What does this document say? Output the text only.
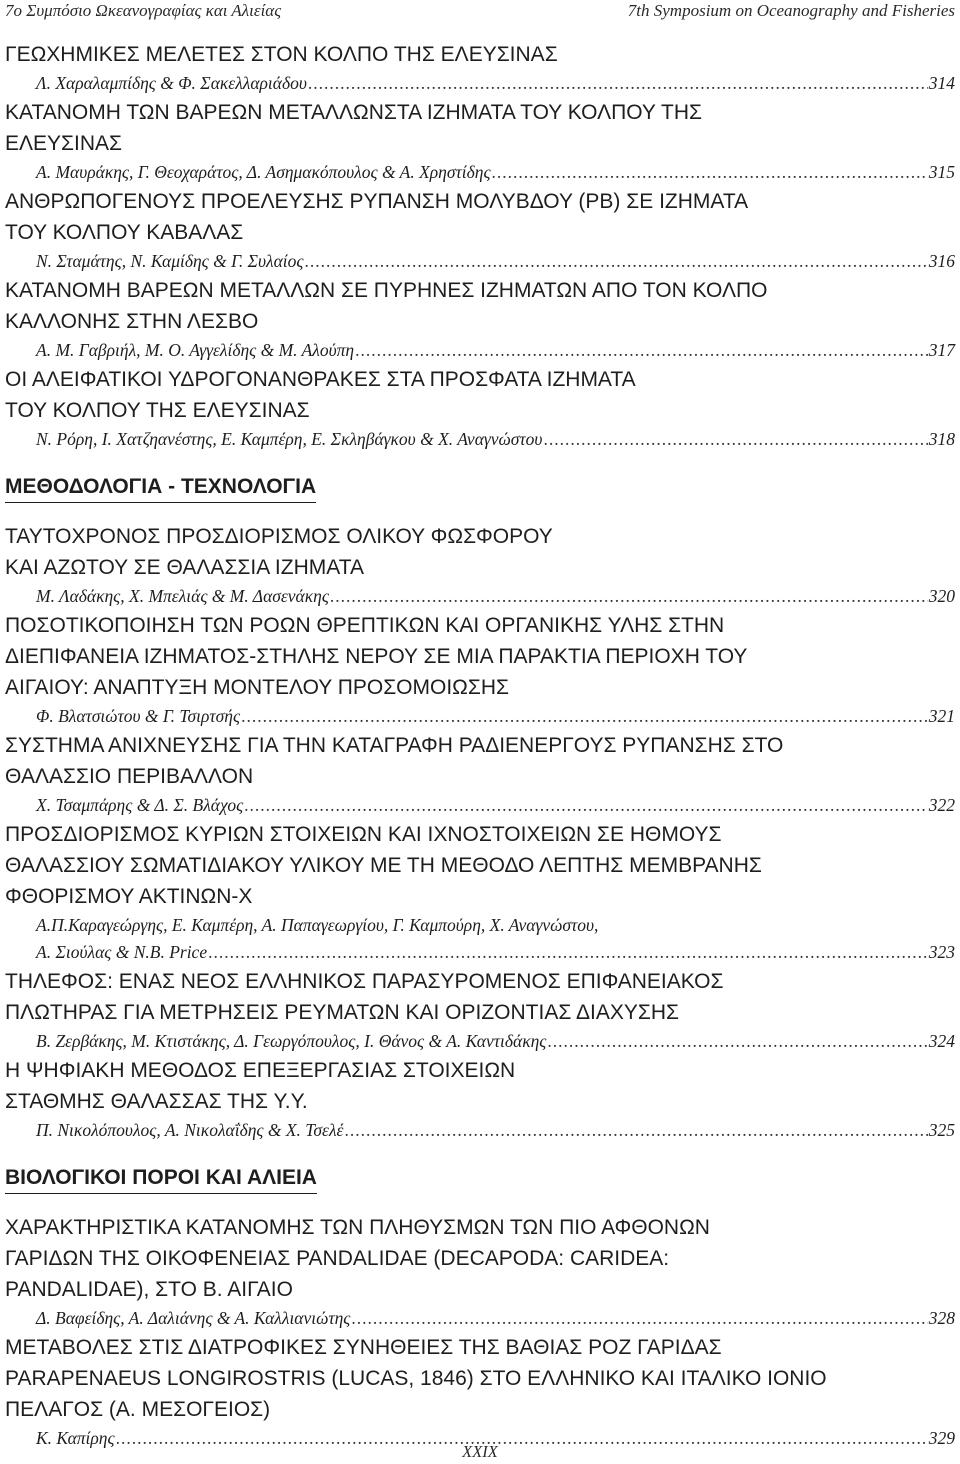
7o Συμπόσιο Ωκεανογραφίας και Αλιείας	7th Symposium on Oceanography and Fisheries
ΓΕΩΧΗΜΙΚΕΣ ΜΕΛΕΤΕΣ ΣΤΟΝ ΚΟΛΠΟ ΤΗΣ ΕΛΕΥΣΙΝΑΣ
Λ. Χαραλαμπίδης & Φ. Σακελλαριάδου .....	314
ΚΑΤΑΝΟΜΗ ΤΩΝ ΒΑΡΕΩΝ ΜΕΤΑΛΛΩΝΣΤΑ ΙΖΗΜΑΤΑ ΤΟΥ ΚΟΛΠΟΥ ΤΗΣ
ΕΛΕΥΣΙΝΑΣ
Α. Μαυράκης, Γ. Θεοχαράτος, Δ. Ασημακόπουλος & Α. Χρηστίδης .....	315
ΑΝΘΡΩΠΟΓΕΝΟΥΣ ΠΡΟΕΛΕΥΣΗΣ ΡΥΠΑΝΣΗ ΜΟΛΥΒΔΟΥ (PB) ΣΕ ΙΖΗΜΑΤΑ
ΤΟΥ ΚΟΛΠΟΥ ΚΑΒΑΛΑΣ
Ν. Σταμάτης, Ν. Καμίδης & Γ. Συλαίος .....	316
ΚΑΤΑΝΟΜΗ ΒΑΡΕΩΝ ΜΕΤΑΛΛΩΝ ΣΕ ΠΥΡΗΝΕΣ ΙΖΗΜΑΤΩΝ ΑΠΟ ΤΟΝ ΚΟΛΠΟ
ΚΑΛΛΟΝΗΣ ΣΤΗΝ ΛΕΣΒΟ
Α. Μ. Γαβριήλ, Μ. Ο. Αγγελίδης & Μ. Αλούπη .....	317
ΟΙ ΑΛΕΙΦΑΤΙΚΟΙ ΥΔΡΟΓΟΝΑΝΘΡΑΚΕΣ ΣΤΑ ΠΡΟΣΦΑΤΑ ΙΖΗΜΑΤΑ
ΤΟΥ ΚΟΛΠΟΥ ΤΗΣ ΕΛΕΥΣΙΝΑΣ
Ν. Ρόρη, Ι. Χατζηανέστης, Ε. Καμπέρη, Ε. Σκληβάγκου & Χ. Αναγνώστου .....	318
ΜΕΘΟΔΟΛΟΓΙΑ - ΤΕΧΝΟΛΟΓΙΑ
ΤΑΥΤΟΧΡΟΝΟΣ ΠΡΟΣΔΙΟΡΙΣΜΟΣ ΟΛΙΚΟΥ ΦΩΣΦΟΡΟΥ
ΚΑΙ ΑΖΩΤΟΥ ΣΕ ΘΑΛΑΣΣΙΑ ΙΖΗΜΑΤΑ
Μ. Λαδάκης, Χ. Μπελιάς & Μ. Δασενάκης .....	320
ΠΟΣΟΤΙΚΟΠΟΙΗΣΗ ΤΩΝ ΡΟΩΝ ΘΡΕΠΤΙΚΩΝ ΚΑΙ ΟΡΓΑΝΙΚΗΣ ΥΛΗΣ ΣΤΗΝ
ΔΙΕΠΙΦΑΝΕΙΑ ΙΖΗΜΑΤΟΣ-ΣΤΗΛΗΣ ΝΕΡΟΥ ΣΕ ΜΙΑ ΠΑΡΑΚΤΙΑ ΠΕΡΙΟΧΗ ΤΟΥ
ΑΙΓΑΙΟΥ: ΑΝΑΠΤΥΞΗ ΜΟΝΤΕΛΟΥ ΠΡΟΣΟΜΟΙΩΣΗΣ
Φ. Βλατσιώτου & Γ. Τσιρτσής .....	321
ΣΥΣΤΗΜΑ ΑΝΙΧΝΕΥΣΗΣ ΓΙΑ ΤΗΝ ΚΑΤΑΓΡΑΦΗ ΡΑΔΙΕΝΕΡΓΟΥΣ ΡΥΠΑΝΣΗΣ ΣΤΟ
ΘΑΛΑΣΣΙΟ ΠΕΡΙΒΑΛΛΟΝ
Χ. Τσαμπάρης & Δ. Σ. Βλάχος .....	322
ΠΡΟΣΔΙΟΡΙΣΜΟΣ ΚΥΡΙΩΝ ΣΤΟΙΧΕΙΩΝ ΚΑΙ ΙΧΝΟΣΤΟΙΧΕΙΩΝ ΣΕ ΗΘΜΟΥΣ
ΘΑΛΑΣΣΙΟΥ ΣΩΜΑΤΙΔΙΑΚΟΥ ΥΛΙΚΟΥ ΜΕ ΤΗ ΜΕΘΟΔΟ ΛΕΠΤΗΣ ΜΕΜΒΡΑΝΗΣ
ΦΘΟΡΙΣΜΟΥ ΑΚΤΙΝΩΝ-Χ
Α.Π.Καραγεώργης, Ε. Καμπέρη, Α. Παπαγεωργίου, Γ. Καμπούρη, Χ. Αναγνώστου,
Α. Σιούλας & N.B. Price .....	323
ΤΗΛΕΦΟΣ: ΕΝΑΣ ΝΕΟΣ ΕΛΛΗΝΙΚΟΣ ΠΑΡΑΣΥΡΟΜΕΝΟΣ ΕΠΙΦΑΝΕΙΑΚΟΣ
ΠΛΩΤΗΡΑΣ ΓΙΑ ΜΕΤΡΗΣΕΙΣ ΡΕΥΜΑΤΩΝ ΚΑΙ ΟΡΙΖΟΝΤΙΑΣ ΔΙΑΧΥΣΗΣ
Β. Ζερβάκης, Μ. Κτιστάκης, Δ. Γεωργόπουλος, Ι. Θάνος & Α. Καντιδάκης .....	324
Η ΨΗΦΙΑΚΗ ΜΕΘΟΔΟΣ ΕΠΕΞΕΡΓΑΣΙΑΣ ΣΤΟΙΧΕΙΩΝ
ΣΤΑΘΜΗΣ ΘΑΛΑΣΣΑΣ ΤΗΣ Υ.Υ.
Π. Νικολόπουλος, Α. Νικολαΐδης & Χ. Τσελέ .....	325
ΒΙΟΛΟΓΙΚΟΙ ΠΟΡΟΙ ΚΑΙ ΑΛΙΕΙΑ
ΧΑΡΑΚΤΗΡΙΣΤΙΚΑ ΚΑΤΑΝΟΜΗΣ ΤΩΝ ΠΛΗΘΥΣΜΩΝ ΤΩΝ ΠΙΟ ΑΦΘΟΝΩΝ
ΓΑΡΙΔΩΝ ΤΗΣ ΟΙΚΟΦΕΝΕΙΑΣ PANDALIDAE (DECAPODA: CARIDEA:
PANDALIDAE), ΣΤΟ Β. ΑΙΓΑΙΟ
Δ. Βαφείδης, Α. Δαλιάνης & Α. Καλλιανιώτης .....	328
ΜΕΤΑΒΟΛΕΣ ΣΤΙΣ ΔΙΑΤΡΟΦΙΚΕΣ ΣΥΝΗΘΕΙΕΣ ΤΗΣ ΒΑΘΙΑΣ ΡΟΖ ΓΑΡΙΔΑΣ
PARAPENAEUS LONGIROSTRIS (LUCAS, 1846) ΣΤΟ ΕΛΛΗΝΙΚΟ ΚΑΙ ΙΤΑΛΙΚΟ ΙΟΝΙΟ
ΠΕΛΑΓΟΣ (Α. ΜΕΣΟΓΕΙΟΣ)
Κ. Καπίρης .....	329
XXIX
